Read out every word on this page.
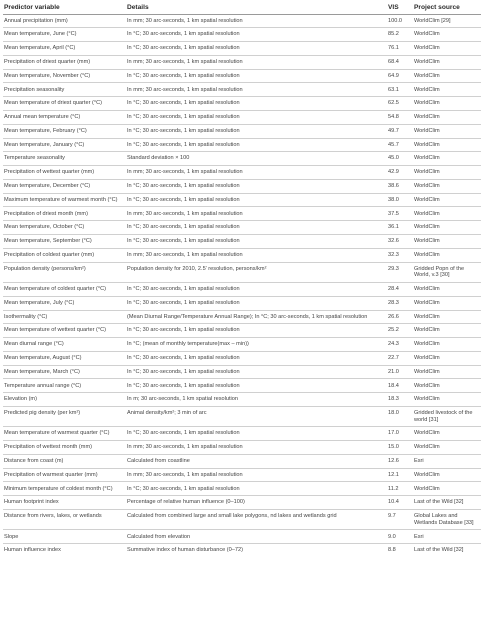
Predictor variable	Details	VIS	Project source
Annual precipitation (mm)	In mm; 30 arc-seconds, 1 km spatial resolution	100.0	WorldClim [29]
Mean temperature, June (°C)	In °C; 30 arc-seconds, 1 km spatial resolution	85.2	WorldClim
Mean temperature, April (°C)	In °C; 30 arc-seconds, 1 km spatial resolution	76.1	WorldClim
Precipitation of driest quarter (mm)	In mm; 30 arc-seconds, 1 km spatial resolution	68.4	WorldClim
Mean temperature, November (°C)	In °C; 30 arc-seconds, 1 km spatial resolution	64.9	WorldClim
Precipitation seasonality	In mm; 30 arc-seconds, 1 km spatial resolution	63.1	WorldClim
Mean temperature of driest quarter (°C)	In °C; 30 arc-seconds, 1 km spatial resolution	62.5	WorldClim
Annual mean temperature (°C)	In °C; 30 arc-seconds, 1 km spatial resolution	54.8	WorldClim
Mean temperature, February (°C)	In °C; 30 arc-seconds, 1 km spatial resolution	49.7	WorldClim
Mean temperature, January (°C)	In °C; 30 arc-seconds, 1 km spatial resolution	45.7	WorldClim
Temperature seasonality	Standard deviation × 100	45.0	WorldClim
Precipitation of wettest quarter (mm)	In mm; 30 arc-seconds, 1 km spatial resolution	42.9	WorldClim
Mean temperature, December (°C)	In °C; 30 arc-seconds, 1 km spatial resolution	38.6	WorldClim
Maximum temperature of warmest month (°C)	In °C; 30 arc-seconds, 1 km spatial resolution	38.0	WorldClim
Precipitation of driest month (mm)	In mm; 30 arc-seconds, 1 km spatial resolution	37.5	WorldClim
Mean temperature, October (°C)	In °C; 30 arc-seconds, 1 km spatial resolution	36.1	WorldClim
Mean temperature, September (°C)	In °C; 30 arc-seconds, 1 km spatial resolution	32.6	WorldClim
Precipitation of coldest quarter (mm)	In mm; 30 arc-seconds, 1 km spatial resolution	32.3	WorldClim
Population density (persons/km²)	Population density for 2010, 2.5' resolution, persons/km²	29.3	Gridded Popn of the World, v.3 [30]
Mean temperature of coldest quarter (°C)	In °C; 30 arc-seconds, 1 km spatial resolution	28.4	WorldClim
Mean temperature, July (°C)	In °C; 30 arc-seconds, 1 km spatial resolution	28.3	WorldClim
Isothermality (°C)	(Mean Diurnal Range/Temperature Annual Range); In °C; 30 arc-seconds, 1 km spatial resolution	26.6	WorldClim
Mean temperature of wettest quarter (°C)	In °C; 30 arc-seconds, 1 km spatial resolution	25.2	WorldClim
Mean diurnal range (°C)	In °C; (mean of monthly temperature(max – min))	24.3	WorldClim
Mean temperature, August (°C)	In °C; 30 arc-seconds, 1 km spatial resolution	22.7	WorldClim
Mean temperature, March (°C)	In °C; 30 arc-seconds, 1 km spatial resolution	21.0	WorldClim
Temperature annual range (°C)	In °C; 30 arc-seconds, 1 km spatial resolution	18.4	WorldClim
Elevation (m)	In m; 30 arc-seconds, 1 km spatial resolution	18.3	WorldClim
Predicted pig density (per km²)	Animal density/km²; 3 min of arc	18.0	Gridded livestock of the world [31]
Mean temperature of warmest quarter (°C)	In °C; 30 arc-seconds, 1 km spatial resolution	17.0	WorldClim
Precipitation of wettest month (mm)	In mm; 30 arc-seconds, 1 km spatial resolution	15.0	WorldClim
Distance from coast (m)	Calculated from coastline	12.6	Esri
Precipitation of warmest quarter (mm)	In mm; 30 arc-seconds, 1 km spatial resolution	12.1	WorldClim
Minimum temperature of coldest month (°C)	In °C; 30 arc-seconds, 1 km spatial resolution	11.2	WorldClim
Human footprint index	Percentage of relative human influence (0–100)	10.4	Last of the Wild [32]
Distance from rivers, lakes, or wetlands	Calculated from combined large and small lake polygons, nd lakes and wetlands grid	9.7	Global Lakes and Wetlands Database [33]
Slope	Calculated from elevation	9.0	Esri
Human influence index	Summative index of human disturbance (0–72)	8.8	Last of the Wild [32]
